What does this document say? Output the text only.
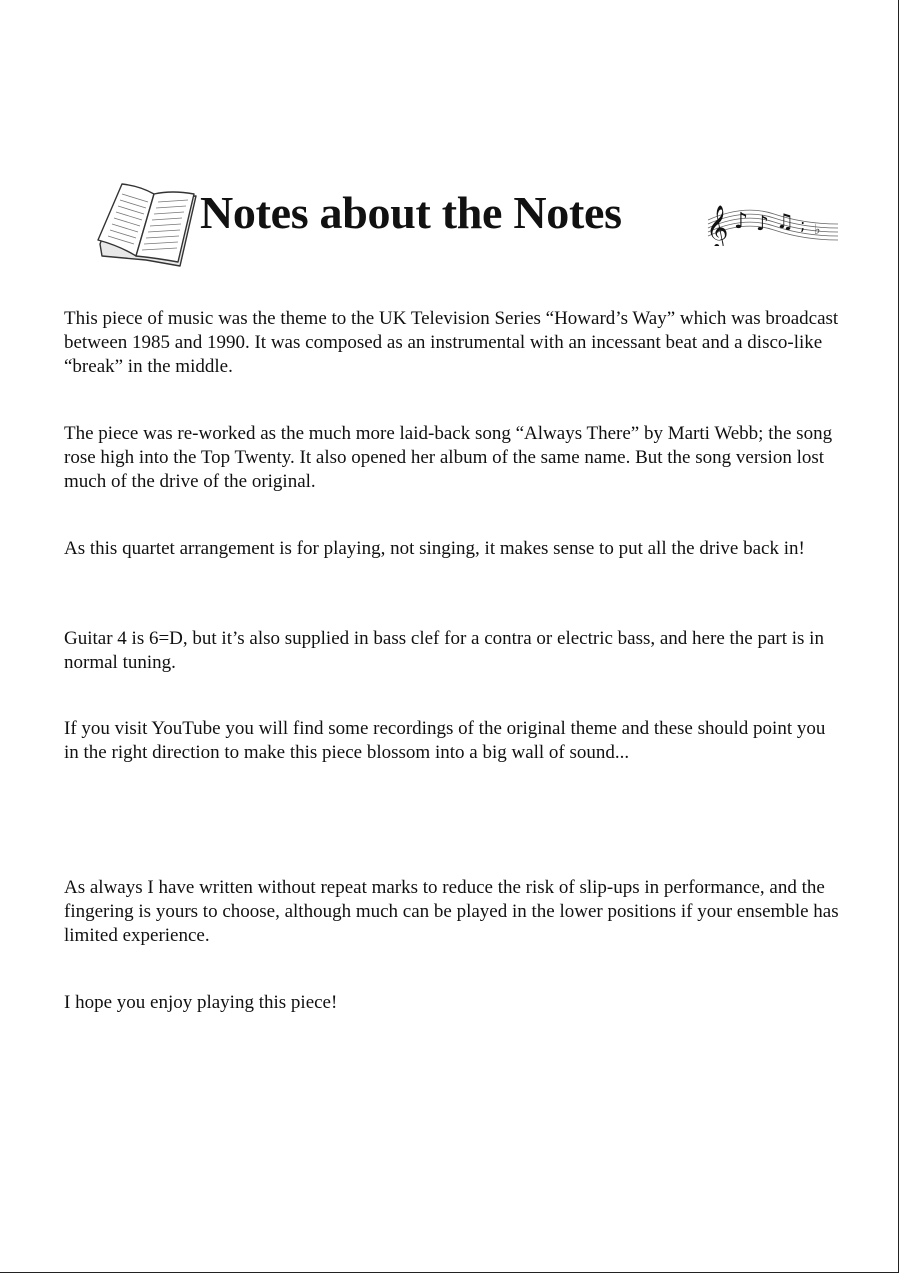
Notes about the Notes 𝄞 ♪ ♪ ♫ ; ♭

This piece of music was the theme to the UK Television Series “Howard’s Way” which was broadcast between 1985 and 1990. It was composed as an instrumental with an incessant beat and a disco-like “break” in the middle.

The piece was re-worked as the much more laid-back song “Always There” by Marti Webb; the song rose high into the Top Twenty. It also opened her album of the same name. But the song version lost much of the drive of the original.

As this quartet arrangement is for playing, not singing, it makes sense to put all the drive back in!

Guitar 4 is 6=D, but it’s also supplied in bass clef for a contra or electric bass, and here the part is in normal tuning.

If you visit YouTube you will find some recordings of the original theme and these should point you in the right direction to make this piece blossom into a big wall of sound...

As always I have written without repeat marks to reduce the risk of slip-ups in performance, and the fingering is yours to choose, although much can be played in the lower positions if your ensemble has limited experience.

I hope you enjoy playing this piece!
